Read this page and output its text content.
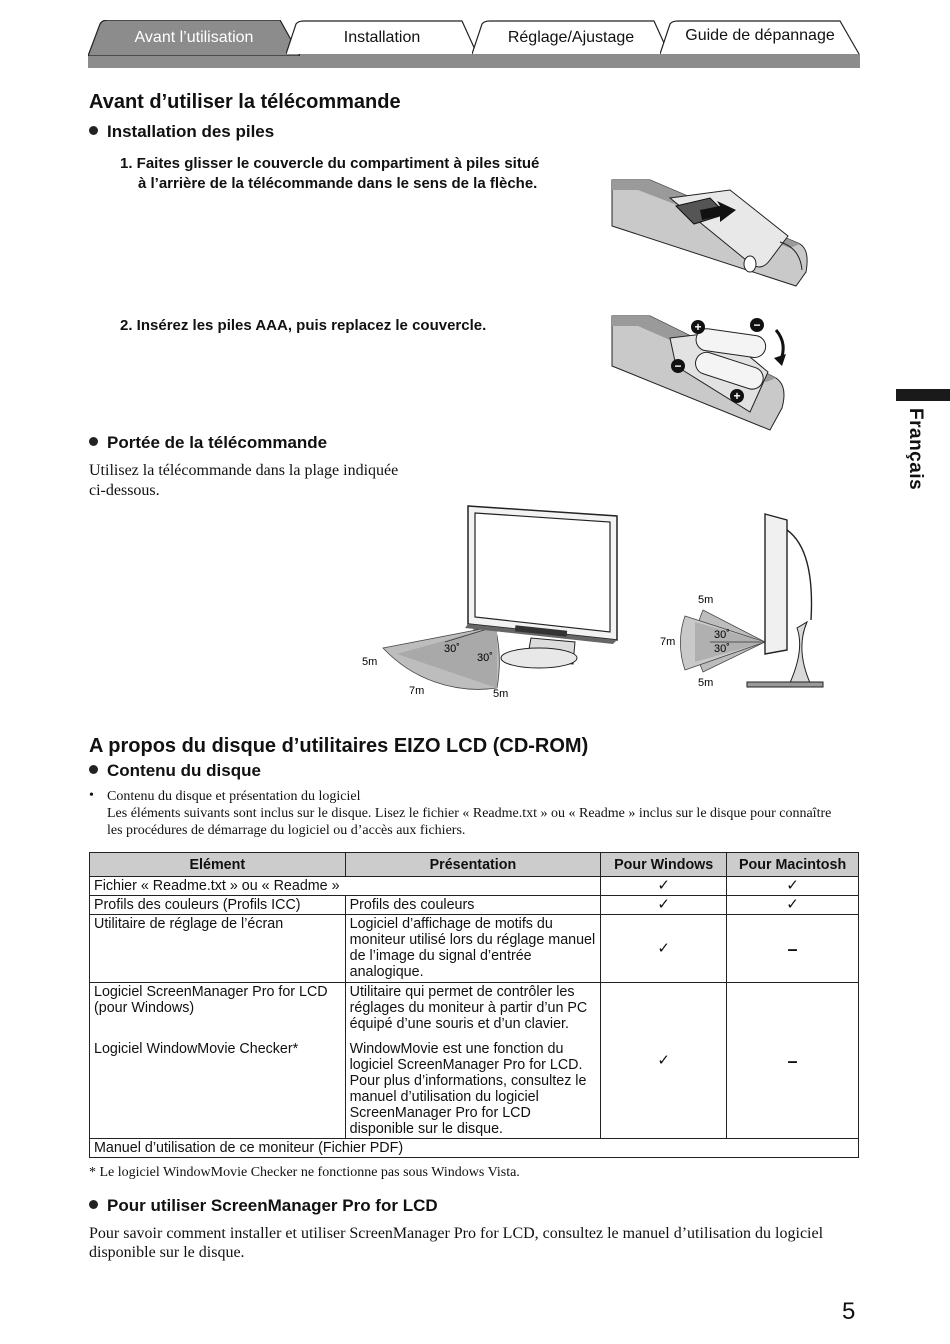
Avant l’utilisation	Installation	Réglage/Ajustage	Guide de dépannage
Français
Avant d’utiliser la télécommande
Installation des piles
1. Faites glisser le couvercle du compartiment à piles situé
à l’arrière de la télécommande dans le sens de la flèche.
2. Insérez les piles AAA, puis replacez le couvercle.	+	−
−
+
Portée de la télécommande
Utilisez la télécommande dans la plage indiquée
ci-dessous.
5m
30˚
30˚
7m	5m
5m
7m
30˚
30˚
5m
A propos du disque d’utilitaires EIZO LCD (CD-ROM)
Contenu du disque
• Contenu du disque et présentation du logiciel
Les éléments suivants sont inclus sur le disque. Lisez le fichier « Readme.txt » ou « Readme » inclus sur le disque pour connaître
les procédures de démarrage du logiciel ou d’accès aux fichiers.
Elément	Présentation	Pour Windows	Pour Macintosh
Fichier « Readme.txt » ou « Readme »		✓	✓
Profils des couleurs (Profils ICC)	Profils des couleurs	✓	✓
Utilitaire de réglage de l’écran	Logiciel d’affichage de motifs du moniteur utilisé lors du réglage manuel de l’image du signal d’entrée analogique.	✓	–
Logiciel ScreenManager Pro for LCD (pour Windows)	Utilitaire qui permet de contrôler les réglages du moniteur à partir d’un PC équipé d’une souris et d’un clavier.	✓	–
Logiciel WindowMovie Checker*	WindowMovie est une fonction du logiciel ScreenManager Pro for LCD. Pour plus d’informations, consultez le manuel d’utilisation du logiciel ScreenManager Pro for LCD disponible sur le disque.		
Manuel d’utilisation de ce moniteur (Fichier PDF)			
* Le logiciel WindowMovie Checker ne fonctionne pas sous Windows Vista.
Pour utiliser ScreenManager Pro for LCD
Pour savoir comment installer et utiliser ScreenManager Pro for LCD, consultez le manuel d’utilisation du logiciel
disponible sur le disque.
5
